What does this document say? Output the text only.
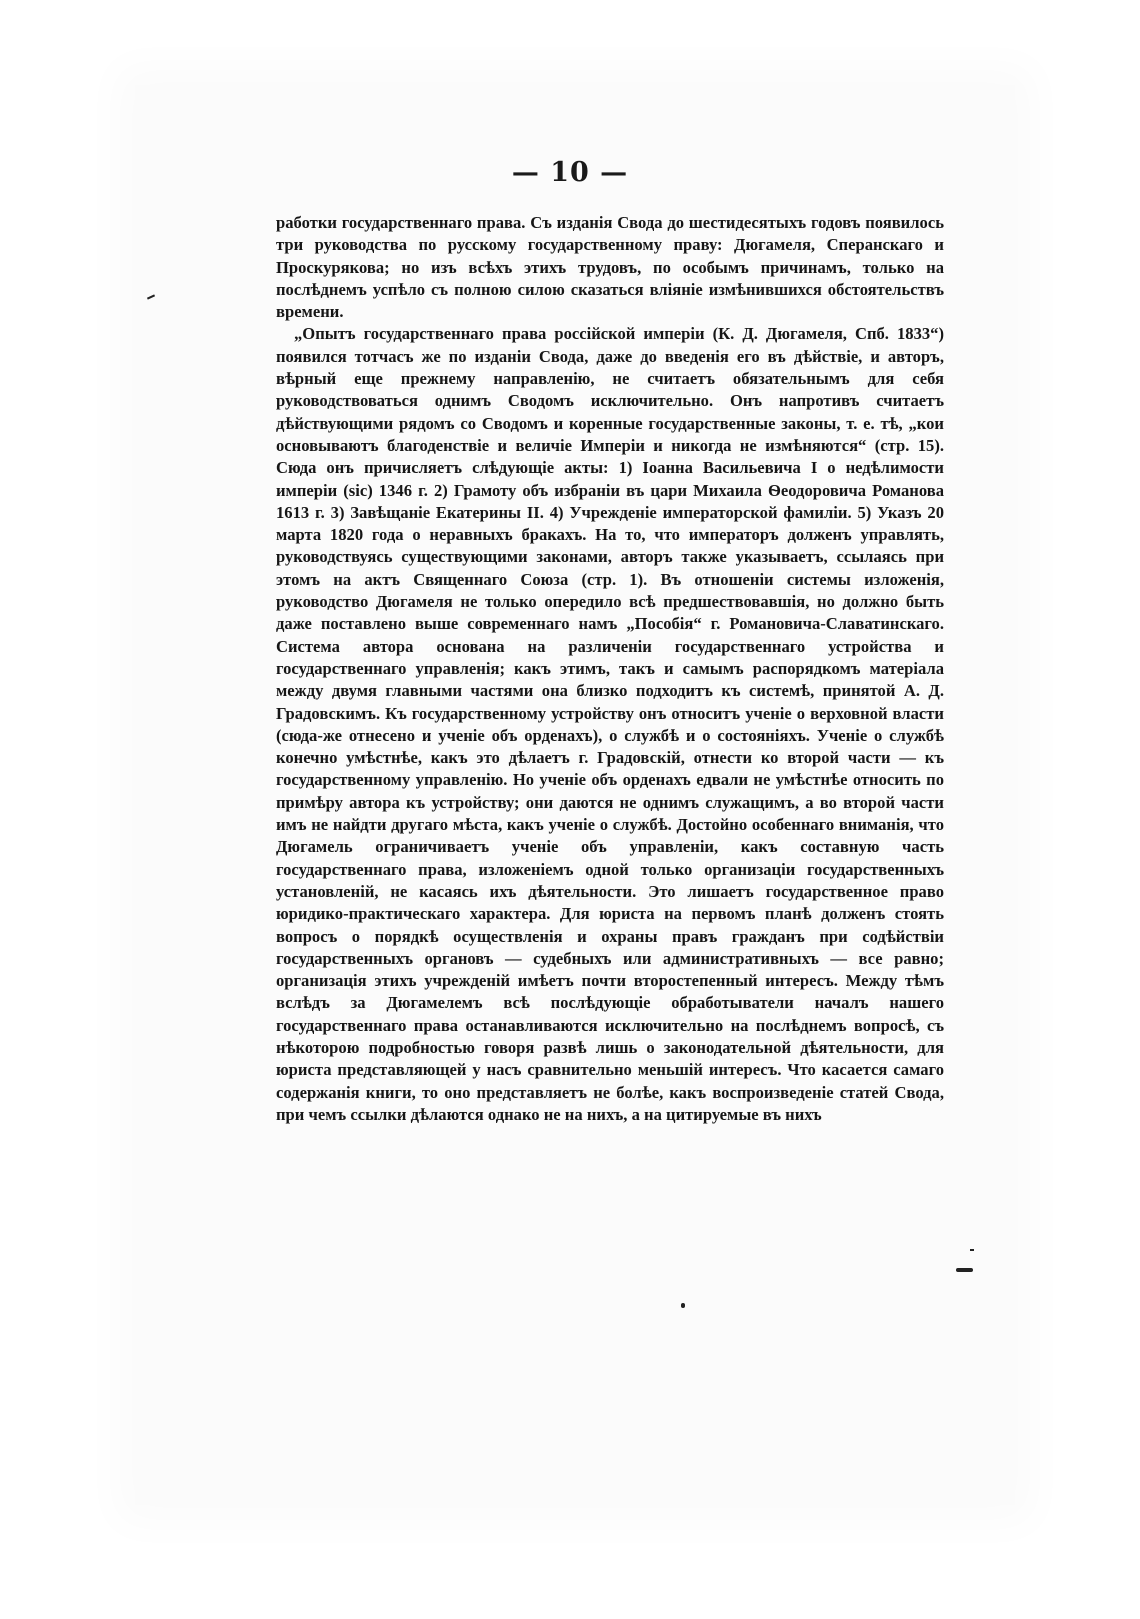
— 10 —

работки государственнаго права. Съ изданія Свода до шестидесятыхъ годовъ появилось три руководства по русскому государственному праву: Дюгамеля, Сперанскаго и Проскурякова; но изъ всѣхъ этихъ трудовъ, по особымъ причинамъ, только на послѣднемъ успѣло съ полною силою сказаться вліяніе измѣнившихся обстоятельствъ времени.

„Опытъ государственнаго права россійской имперіи (К. Д. Дюгамеля, Спб. 1833“) появился тотчасъ же по изданіи Свода, даже до введенія его въ дѣйствіе, и авторъ, вѣрный еще прежнему направленію, не считаетъ обязательнымъ для себя руководствоваться однимъ Сводомъ исключительно. Онъ напротивъ считаетъ дѣйствующими рядомъ со Сводомъ и коренные государственные законы, т. е. тѣ, „кои основываютъ благоденствіе и величіе Имперіи и никогда не измѣняются“ (стр. 15). Сюда онъ причисляетъ слѣдующіе акты: 1) Іоанна Васильевича I о недѣлимости имперіи (sic) 1346 г. 2) Грамоту объ избраніи въ цари Михаила Ѳеодоровича Романова 1613 г. 3) Завѣщаніе Екатерины II. 4) Учрежденіе императорской фамиліи. 5) Указъ 20 марта 1820 года о неравныхъ бракахъ. На то, что императоръ долженъ управлять, руководствуясь существующими законами, авторъ также указываетъ, ссылаясь при этомъ на актъ Священнаго Союза (стр. 1). Въ отношеніи системы изложенія, руководство Дюгамеля не только опередило всѣ предшествовавшія, но должно быть даже поставлено выше современнаго намъ „Пособія“ г. Романовича-Славатинскаго. Система автора основана на различеніи государственнаго устройства и государственнаго управленія; какъ этимъ, такъ и самымъ распорядкомъ матеріала между двумя главными частями она близко подходитъ къ системѣ, принятой А. Д. Градовскимъ. Къ государственному устройству онъ относитъ ученіе о верховной власти (сюда-же отнесено и ученіе объ орденахъ), о службѣ и о состояніяхъ. Ученіе о службѣ конечно умѣстнѣе, какъ это дѣлаетъ г. Градовскій, отнести ко второй части — къ государственному управленію. Но ученіе объ орденахъ едвали не умѣстнѣе относить по примѣру автора къ устройству; они даются не однимъ служащимъ, а во второй части имъ не найдти другаго мѣста, какъ ученіе о службѣ. Достойно особеннаго вниманія, что Дюгамель ограничиваетъ ученіе объ управленіи, какъ составную часть государственнаго права, изложеніемъ одной только организаціи государственныхъ установленій, не касаясь ихъ дѣятельности. Это лишаетъ государственное право юридико-практическаго характера. Для юриста на первомъ планѣ долженъ стоять вопросъ о порядкѣ осуществленія и охраны правъ гражданъ при содѣйствіи государственныхъ органовъ — судебныхъ или административныхъ — все равно; организація этихъ учрежденій имѣетъ почти второстепенный интересъ. Между тѣмъ вслѣдъ за Дюгамелемъ всѣ послѣдующіе обработыватели началъ нашего государственнаго права останавливаются исключительно на послѣднемъ вопросѣ, съ нѣкоторою подробностью говоря развѣ лишь о законодательной дѣятельности, для юриста представляющей у насъ сравнительно меньшій интересъ. Что касается самаго содержанія книги, то оно представляетъ не болѣе, какъ воспроизведеніе статей Свода, при чемъ ссылки дѣлаются однако не на нихъ, а на цитируемые въ нихъ
